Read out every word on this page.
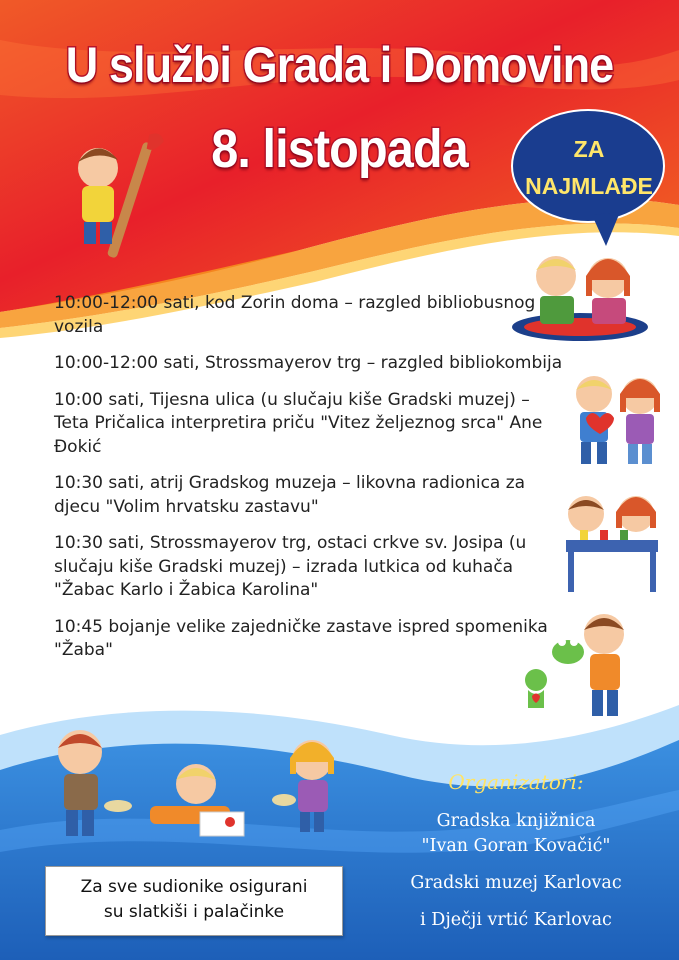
U službi Grada i Domovine
8. listopada	ZA
NAJMLAĐE
10:00-12:00 sati, kod Zorin doma – razgled bibliobusnog vozila
10:00-12:00 sati, Strossmayerov trg – razgled bibliokombija
10:00 sati, Tijesna ulica (u slučaju kiše Gradski muzej) – Teta Pričalica interpretira priču "Vitez željeznog srca" Ane Đokić
10:30 sati, atrij Gradskog muzeja – likovna radionica za djecu "Volim hrvatsku zastavu"
10:30 sati, Strossmayerov trg, ostaci crkve sv. Josipa (u slučaju kiše Gradski muzej) – izrada lutkica od kuhača "Žabac Karlo i Žabica Karolina"
10:45 bojanje velike zajedničke zastave ispred spomenika "Žaba"
Organizatori:
Gradska knjižnica
"Ivan Goran Kovačić"
Gradski muzej Karlovac
i Dječji vrtić Karlovac
Za sve sudionike osigurani
su slatkiši i palačinke
